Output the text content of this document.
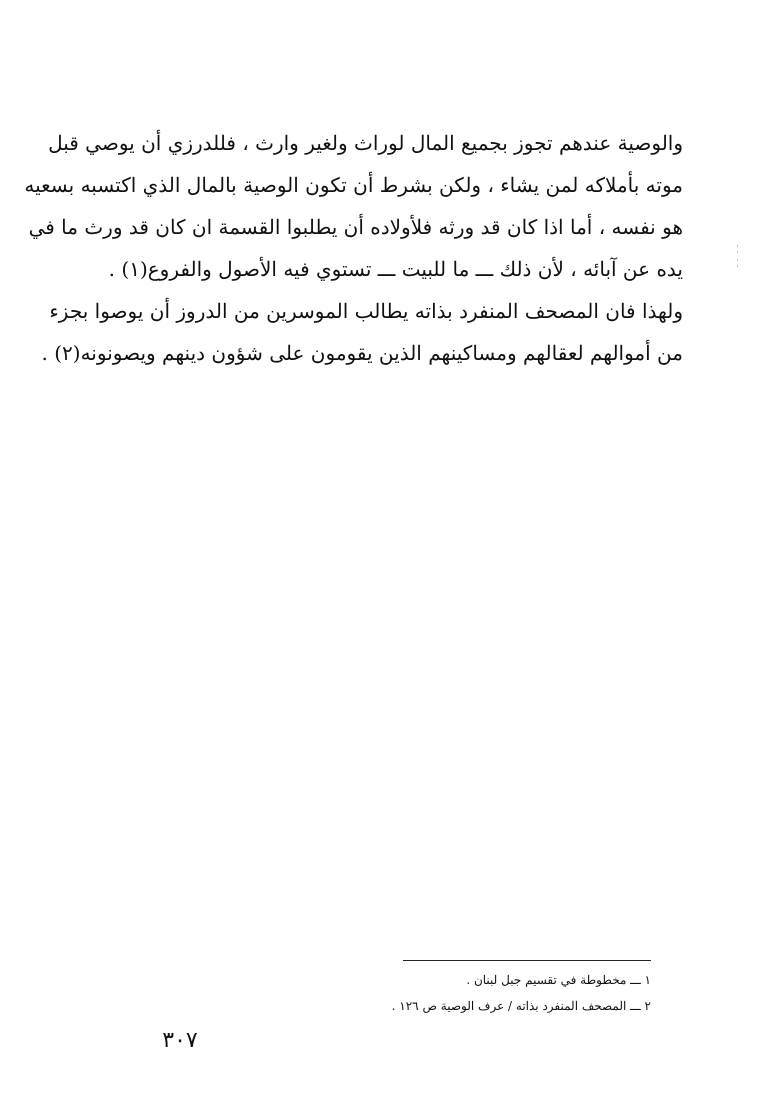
والوصية عندهم تجوز بجميع المال لوراث ولغير وارث ، فللدرزي أن يوصي قبل
موته بأملاكه لمن يشاء ، ولكن بشرط أن تكون الوصية بالمال الذي اكتسبه بسعيه
هو نفسه ، أما اذا كان قد ورثه فلأولاده أن يطلبوا القسمة ان كان قد ورث ما في
يده عن آبائه ، لأن ذلك ـــ ما للبيت ـــ تستوي فيه الأصول والفروع(١) .
ولهذا فان المصحف المنفرد بذاته يطالب الموسرين من الدروز أن يوصوا بجزء
من أموالهم لعقالهم ومساكينهم الذين يقومون على شؤون دينهم ويصونونه(٢) .
١ ـــ مخطوطة في تقسيم جبل لبنان .
٢ ـــ المصحف المنفرد بذاته / عرف الوصية ص ١٢٦ .
٣٠٧
